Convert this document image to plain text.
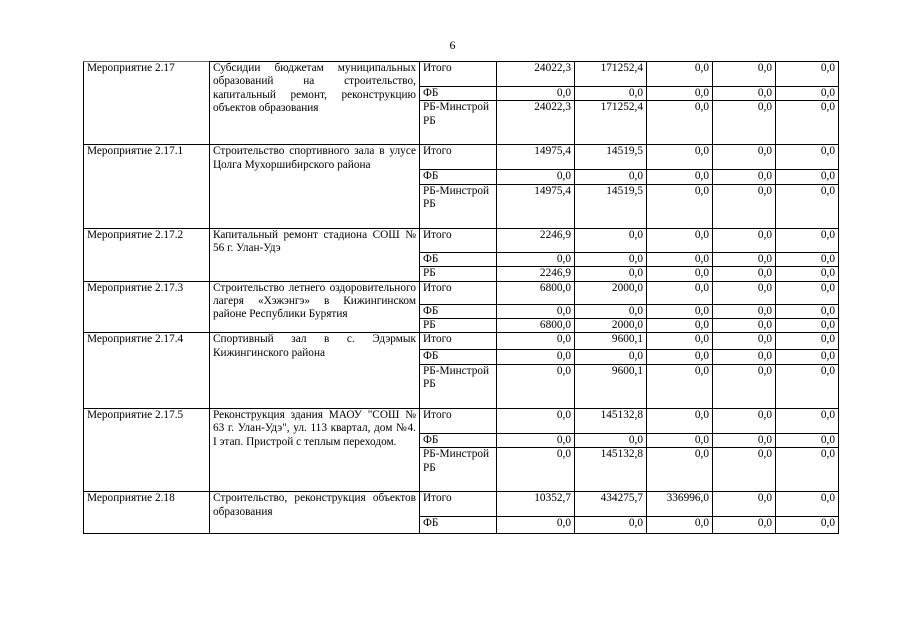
6
Мероприятие 2.17	Субсидии бюджетам муниципальных образований на строительство, капитальный ремонт, реконструкцию объектов образования	Итого	24022,3	171252,4	0,0	0,0	0,0
		ФБ	0,0	0,0	0,0	0,0	0,0
		РБ-Минстрой РБ	24022,3	171252,4	0,0	0,0	0,0
Мероприятие 2.17.1	Строительство спортивного зала в улусе Цолга Мухоршибирского района	Итого	14975,4	14519,5	0,0	0,0	0,0
		ФБ	0,0	0,0	0,0	0,0	0,0
		РБ-Минстрой РБ	14975,4	14519,5	0,0	0,0	0,0
Мероприятие 2.17.2	Капитальный ремонт стадиона СОШ № 56 г. Улан-Удэ	Итого	2246,9	0,0	0,0	0,0	0,0
		ФБ	0,0	0,0	0,0	0,0	0,0
		РБ	2246,9	0,0	0,0	0,0	0,0
Мероприятие 2.17.3	Строительство летнего оздоровительного лагеря «Хэжэнгэ» в Кижингинском районе Республики Бурятия	Итого	6800,0	2000,0	0,0	0,0	0,0
		ФБ	0,0	0,0	0,0	0,0	0,0
		РБ	6800,0	2000,0	0,0	0,0	0,0
Мероприятие 2.17.4	Спортивный зал в с. Эдэрмык Кижингинского района	Итого	0,0	9600,1	0,0	0,0	0,0
		ФБ	0,0	0,0	0,0	0,0	0,0
		РБ-Минстрой РБ	0,0	9600,1	0,0	0,0	0,0
Мероприятие 2.17.5	Реконструкция здания МАОУ "СОШ № 63 г. Улан-Удэ", ул. 113 квартал, дом №4. I этап. Пристрой с теплым переходом.	Итого	0,0	145132,8	0,0	0,0	0,0
		ФБ	0,0	0,0	0,0	0,0	0,0
		РБ-Минстрой РБ	0,0	145132,8	0,0	0,0	0,0
Мероприятие 2.18	Строительство, реконструкция объектов образования	Итого	10352,7	434275,7	336996,0	0,0	0,0
		ФБ	0,0	0,0	0,0	0,0	0,0
